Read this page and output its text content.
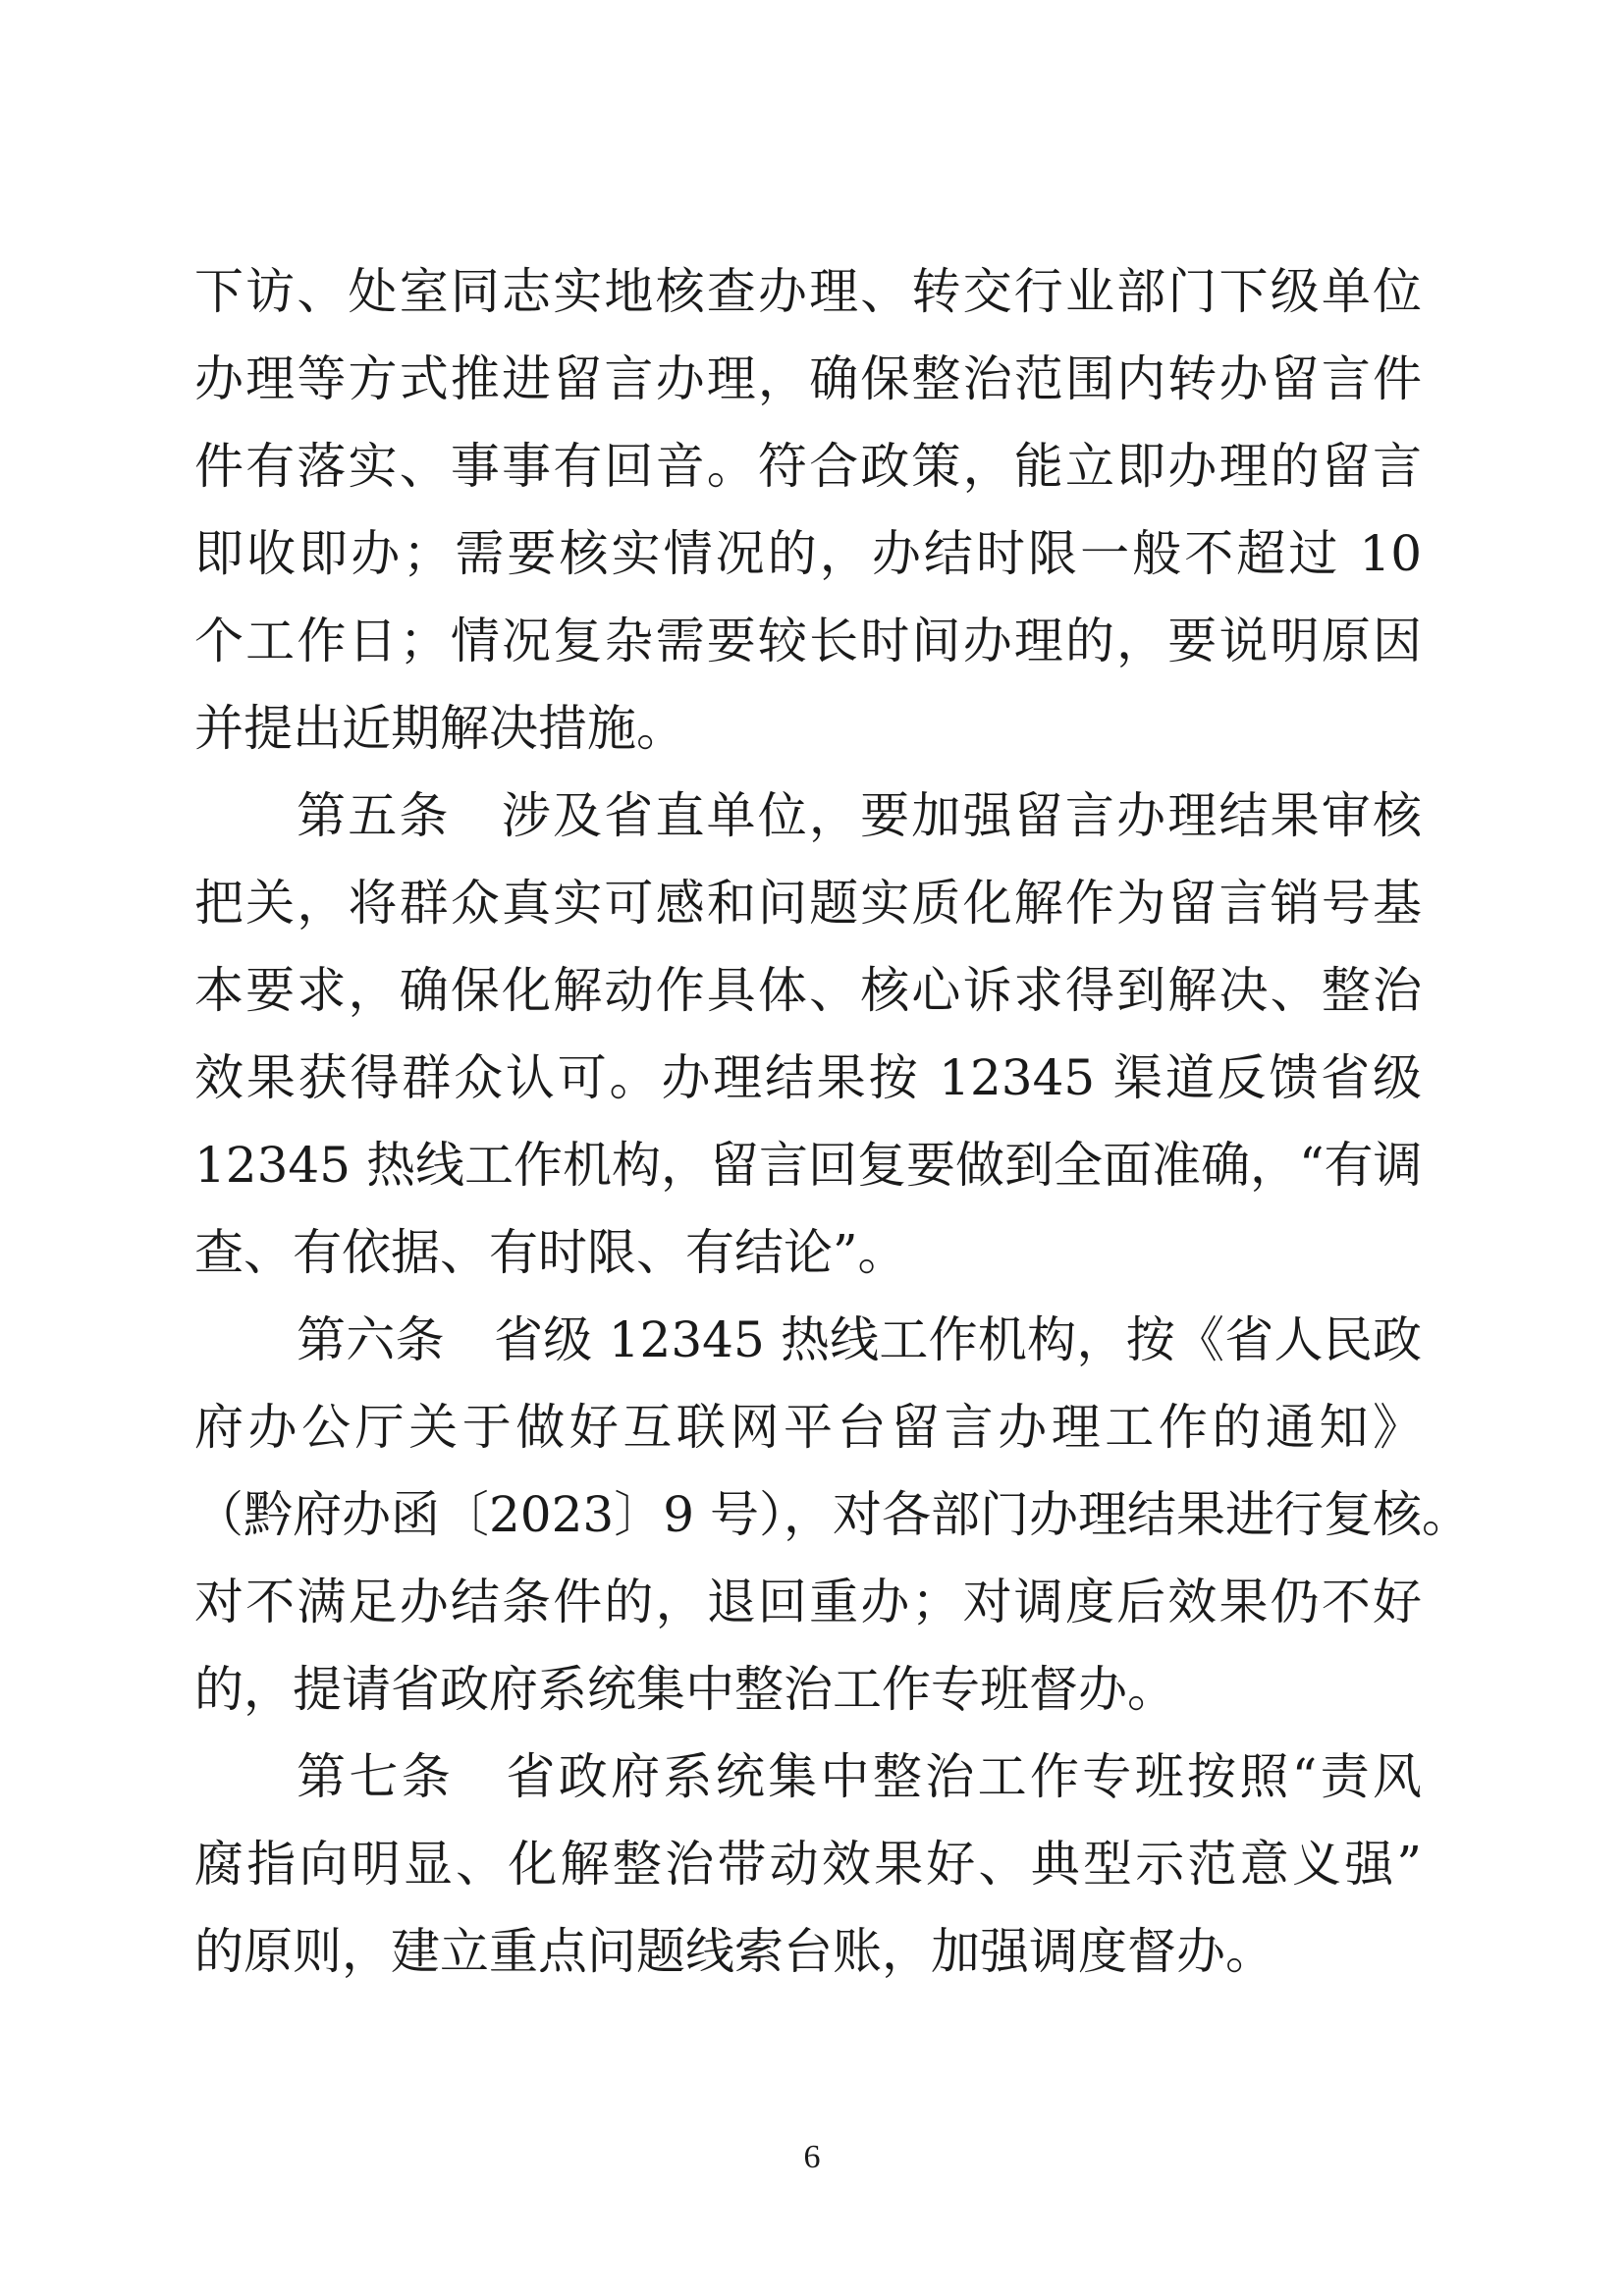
下访、处室同志实地核查办理、转交行业部门下级单位
办理等方式推进留言办理，确保整治范围内转办留言件
件有落实、事事有回音。符合政策，能立即办理的留言
即收即办；需要核实情况的，办结时限一般不超过 10
个工作日；情况复杂需要较长时间办理的，要说明原因
并提出近期解决措施。
第五条　涉及省直单位，要加强留言办理结果审核
把关，将群众真实可感和问题实质化解作为留言销号基
本要求，确保化解动作具体、核心诉求得到解决、整治
效果获得群众认可。办理结果按 12345 渠道反馈省级
12345 热线工作机构，留言回复要做到全面准确，“有调
查、有依据、有时限、有结论”。
第六条　省级 12345 热线工作机构，按《省人民政
府办公厅关于做好互联网平台留言办理工作的通知》
（黔府办函〔2023〕9 号），对各部门办理结果进行复核。
对不满足办结条件的，退回重办；对调度后效果仍不好
的，提请省政府系统集中整治工作专班督办。
第七条　省政府系统集中整治工作专班按照“责风
腐指向明显、化解整治带动效果好、典型示范意义强”
的原则，建立重点问题线索台账，加强调度督办。
6
